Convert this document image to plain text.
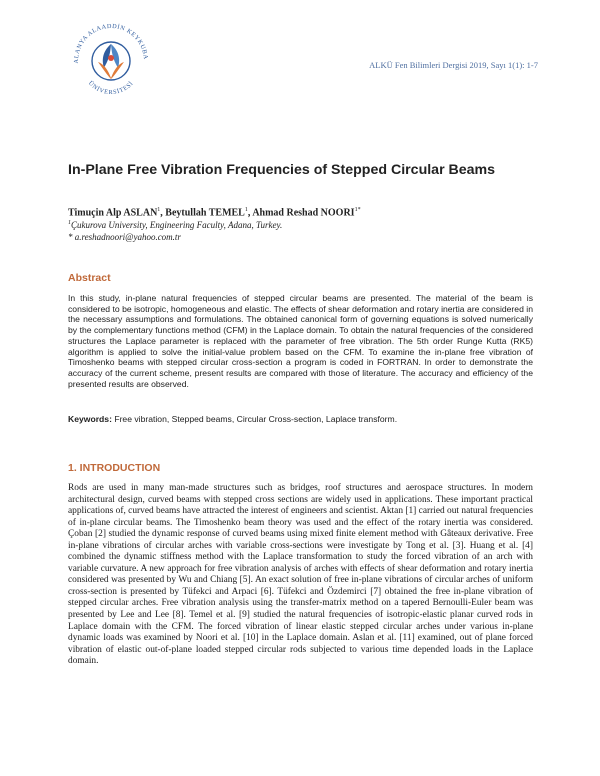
ALANYA ALAADDİN KEYKUBA
ÜNİVERSİTESİ
ALKÜ Fen Bilimleri Dergisi 2019, Sayı 1(1): 1-7
In-Plane Free Vibration Frequencies of Stepped Circular Beams
Timuçin Alp ASLAN$^1$, Beytullah TEMEL$^1$, Ahmad Reshad $NOORI^{1*}$
$^1$Çukurova University, Engineering Faculty, Adana, Turkey.
* a.reshadnoori@yahoo.com.tr
Abstract

In this study, in-plane natural frequencies of stepped circular beams are presented. The material of the beam is considered to be isotropic, homogeneous and elastic. The effects of shear deformation and rotary inertia are considered in the necessary assumptions and formulations. The obtained canonical form of governing equations is solved numerically by the complementary functions method (CFM) in the Laplace domain. To obtain the natural frequencies of the considered structures the Laplace parameter is replaced with the parameter of free vibration. The 5th order Runge Kutta (RK5) algorithm is applied to solve the initial-value problem based on the CFM. To examine the in-plane free vibration of Timoshenko beams with stepped circular cross-section a program is coded in FORTRAN. In order to demonstrate the accuracy of the current scheme, present results are compared with those of literature. The accuracy and efficiency of the presented results are observed.

Keywords: Free vibration, Stepped beams, Circular Cross-section, Laplace transform.

1. INTRODUCTION

Rods are used in many man-made structures such as bridges, roof structures and aerospace structures. In modern architectural design, curved beams with stepped cross sections are widely used in applications. These important practical applications of, curved beams have attracted the interest of engineers and scientist. Aktan [1] carried out natural frequencies of in-plane circular beams. The Timoshenko beam theory was used and the effect of the rotary inertia was considered. Çoban [2] studied the dynamic response of curved beams using mixed finite element method with Gâteaux derivative. Free in-plane vibrations of circular arches with variable cross-sections were investigate by Tong et al. [3]. Huang et al. [4] combined the dynamic stiffness method with the Laplace transformation to study the forced vibration of an arch with variable curvature. A new approach for free vibration analysis of arches with effects of shear deformation and rotary inertia considered was presented by Wu and Chiang [5]. An exact solution of free in-plane vibrations of circular arches of uniform cross-section is presented by Tüfekci and Arpaci [6]. Tüfekci and Özdemirci [7] obtained the free in-plane vibration of stepped circular arches. Free vibration analysis using the transfer-matrix method on a tapered Bernoulli-Euler beam was presented by Lee and Lee [8]. Temel et al. [9] studied the natural frequencies of isotropic-elastic planar curved rods in Laplace domain with the CFM. The forced vibration of linear elastic stepped circular arches under various in-plane dynamic loads was examined by Noori et al. [10] in the Laplace domain. Aslan et al. [11] examined, out of plane forced vibration of elastic out-of-plane loaded stepped circular rods subjected to various time depended loads in the Laplace domain.
